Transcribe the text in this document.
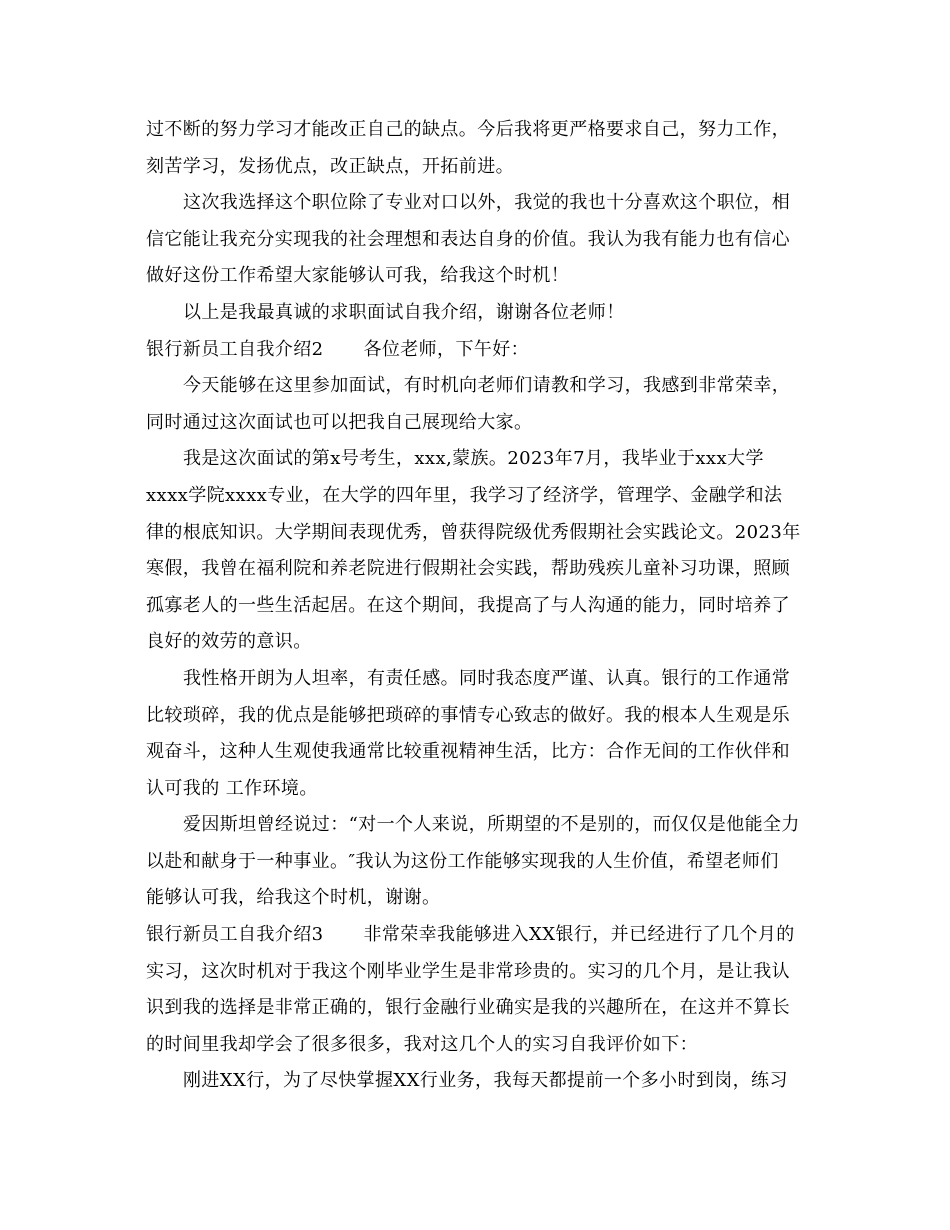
过不断的努力学习才能改正自己的缺点。今后我将更严格要求自己，努力工作，
刻苦学习，发扬优点，改正缺点，开拓前进。
这次我选择这个职位除了专业对口以外，我觉的我也十分喜欢这个职位，相
信它能让我充分实现我的社会理想和表达自身的价值。我认为我有能力也有信心
做好这份工作希望大家能够认可我，给我这个时机！
以上是我最真诚的求职面试自我介绍，谢谢各位老师！
银行新员工自我介绍2 各位老师，下午好：
今天能够在这里参加面试，有时机向老师们请教和学习，我感到非常荣幸，
同时通过这次面试也可以把我自己展现给大家。
我是这次面试的第x号考生，xxx,蒙族。2023年7月，我毕业于xxx大学
xxxx学院xxxx专业，在大学的四年里，我学习了经济学，管理学、金融学和法
律的根底知识。大学期间表现优秀，曾获得院级优秀假期社会实践论文。2023年
寒假，我曾在福利院和养老院进行假期社会实践，帮助残疾儿童补习功课，照顾
孤寡老人的一些生活起居。在这个期间，我提高了与人沟通的能力，同时培养了
良好的效劳的意识。
我性格开朗为人坦率，有责任感。同时我态度严谨、认真。银行的工作通常
比较琐碎，我的优点是能够把琐碎的事情专心致志的做好。我的根本人生观是乐
观奋斗，这种人生观使我通常比较重视精神生活，比方：合作无间的工作伙伴和
认可我的 工作环境。
爱因斯坦曾经说过：“对一个人来说，所期望的不是别的，而仅仅是他能全力
以赴和献身于一种事业。″我认为这份工作能够实现我的人生价值，希望老师们
能够认可我，给我这个时机，谢谢。
银行新员工自我介绍3 非常荣幸我能够进入XX银行，并已经进行了几个月的
实习，这次时机对于我这个刚毕业学生是非常珍贵的。实习的几个月，是让我认
识到我的选择是非常正确的，银行金融行业确实是我的兴趣所在，在这并不算长
的时间里我却学会了很多很多，我对这几个人的实习自我评价如下：
刚进XX行，为了尽快掌握XX行业务，我每天都提前一个多小时到岗，练习
